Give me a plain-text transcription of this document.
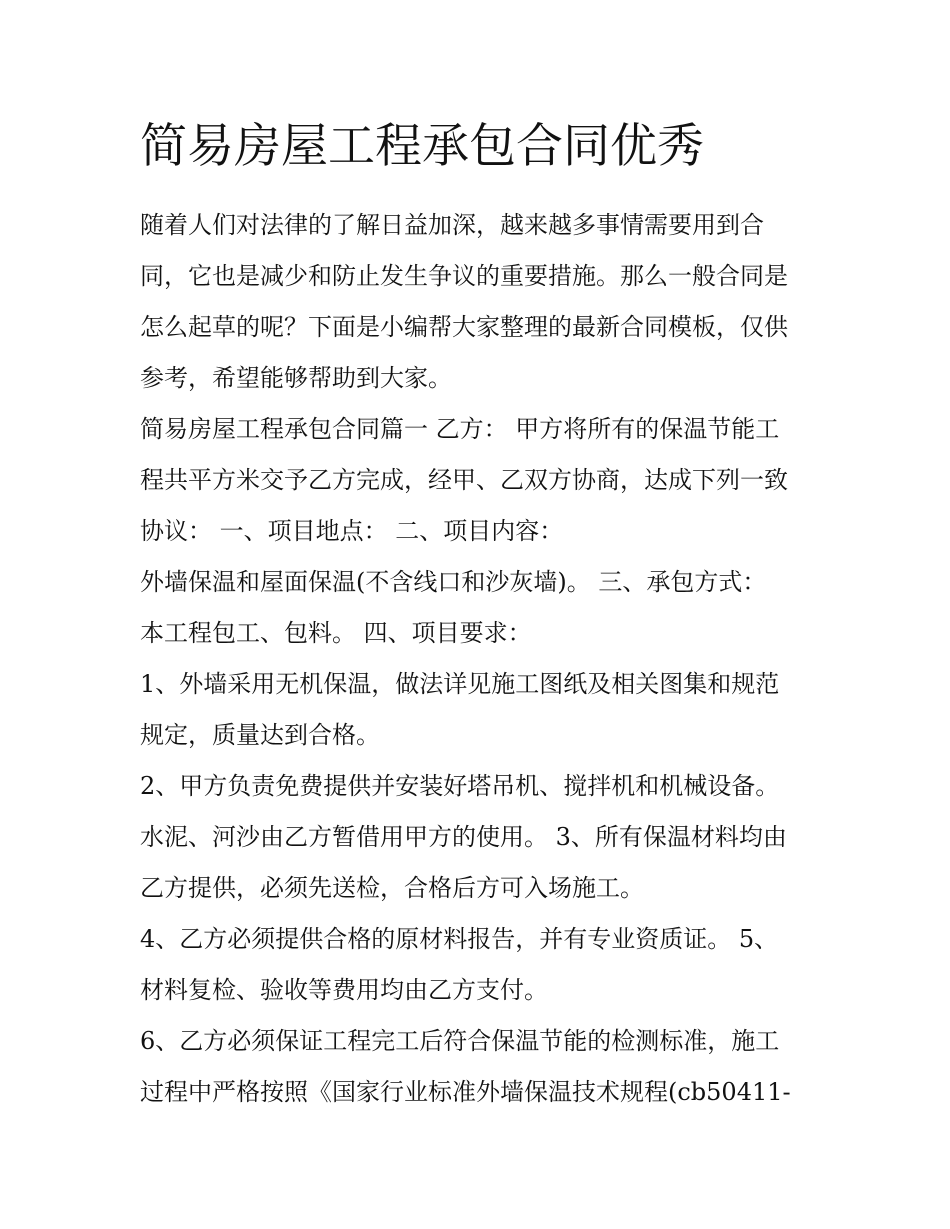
简易房屋工程承包合同优秀
随着人们对法律的了解日益加深，越来越多事情需要用到合
同，它也是减少和防止发生争议的重要措施。那么一般合同是
怎么起草的呢？下面是小编帮大家整理的最新合同模板，仅供
参考，希望能够帮助到大家。
简易房屋工程承包合同篇一 乙方： 甲方将所有的保温节能工
程共平方米交予乙方完成，经甲、乙双方协商，达成下列一致
协议： 一、项目地点： 二、项目内容：
外墙保温和屋面保温(不含线口和沙灰墙)。 三、承包方式：
本工程包工、包料。 四、项目要求：
1、外墙采用无机保温，做法详见施工图纸及相关图集和规范
规定，质量达到合格。
2、甲方负责免费提供并安装好塔吊机、搅拌机和机械设备。
水泥、河沙由乙方暂借用甲方的使用。 3、所有保温材料均由
乙方提供，必须先送检，合格后方可入场施工。
4、乙方必须提供合格的原材料报告，并有专业资质证。 5、
材料复检、验收等费用均由乙方支付。
6、乙方必须保证工程完工后符合保温节能的检测标准，施工
过程中严格按照《国家行业标准外墙保温技术规程(cb50411-
